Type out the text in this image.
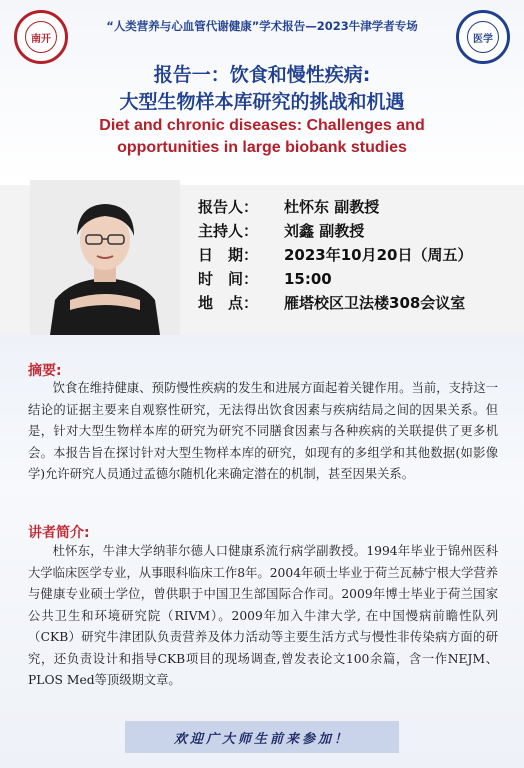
南开	医学
“人类营养与心血管代谢健康”学术报告—2023牛津学者专场
报告一：饮食和慢性疾病:
大型生物样本库研究的挑战和机遇
Diet and chronic diseases: Challenges and
opportunities in large biobank studies
报告人： 杜怀东 副教授
主持人： 刘鑫 副教授
日　期： 2023年10月20日（周五）
时　间： 15:00
地　点： 雁塔校区卫法楼308会议室
摘要:
饮食在维持健康、预防慢性疾病的发生和进展方面起着关键作用。当前，支持这一结论的证据主要来自观察性研究，无法得出饮食因素与疾病结局之间的因果关系。但是，针对大型生物样本库的研究为研究不同膳食因素与各种疾病的关联提供了更多机会。本报告旨在探讨针对大型生物样本库的研究，如现有的多组学和其他数据(如影像学)允许研究人员通过孟德尔随机化来确定潜在的机制，甚至因果关系。
讲者简介:
杜怀东，牛津大学纳菲尔德人口健康系流行病学副教授。1994年毕业于锦州医科大学临床医学专业，从事眼科临床工作8年。2004年硕士毕业于荷兰瓦赫宁根大学营养与健康专业硕士学位，曾供职于中国卫生部国际合作司。2009年博士毕业于荷兰国家公共卫生和环境研究院（RIVM）。2009年加入牛津大学, 在中国慢病前瞻性队列（CKB）研究牛津团队负责营养及体力活动等主要生活方式与慢性非传染病方面的研究，还负责设计和指导CKB项目的现场调查,曾发表论文100余篇，含一作NEJM、 PLOS Med等顶级期文章。
欢迎广大师生前来参加！
